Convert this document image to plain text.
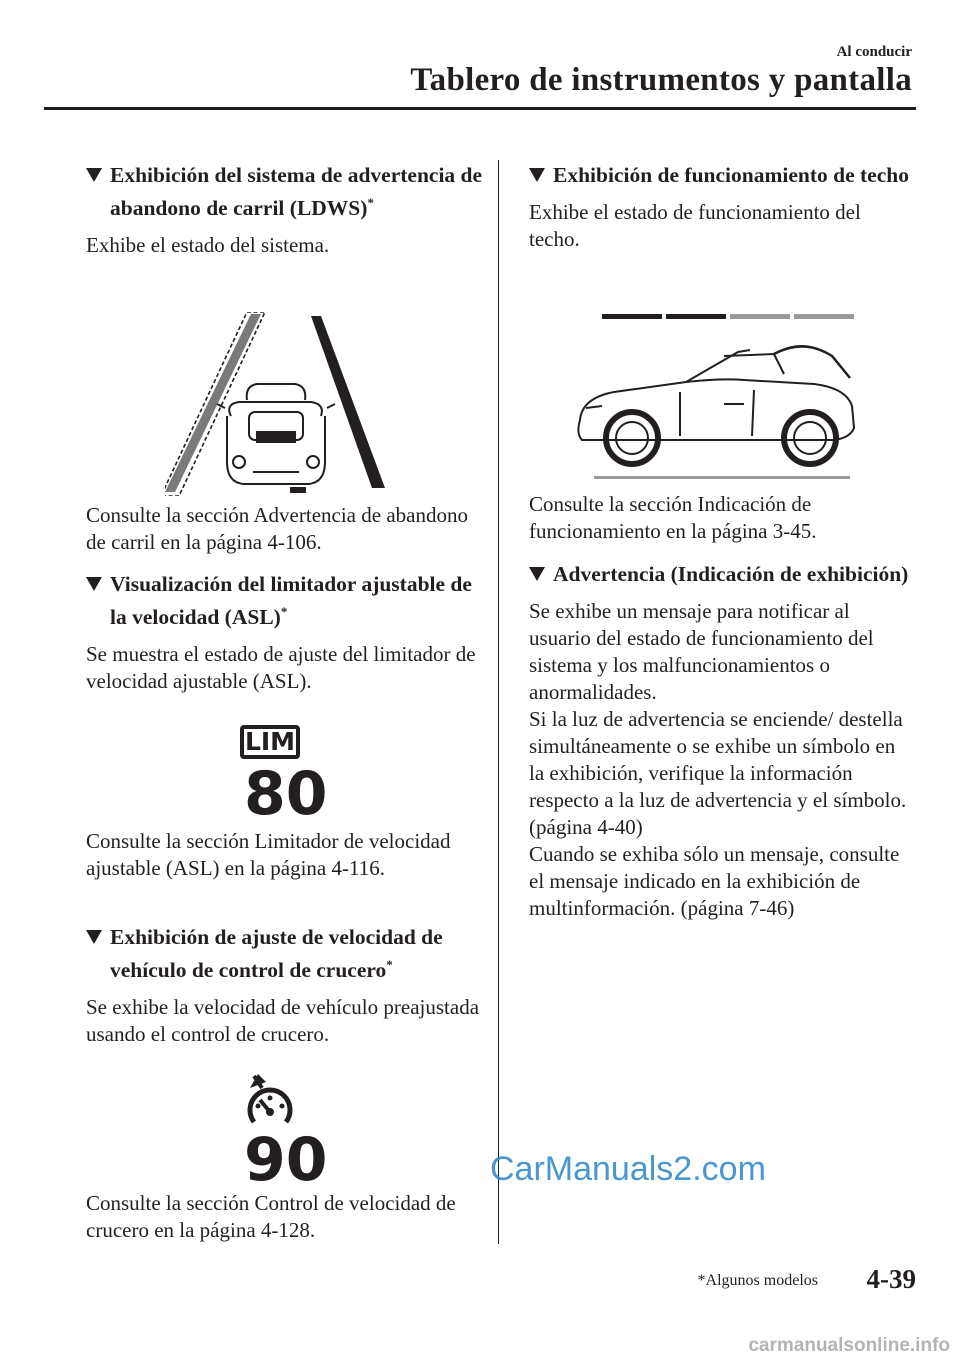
Al conducir
Tablero de instrumentos y pantalla
Exhibición del sistema de advertencia de abandono de carril (LDWS)*

Exhibe el estado del sistema.

Consulte la sección Advertencia de abandono de carril en la página 4-106.

Visualización del limitador ajustable de la velocidad (ASL)*

Se muestra el estado de ajuste del limitador de velocidad ajustable (ASL).

LIM
80

Consulte la sección Limitador de velocidad ajustable (ASL) en la página 4-116.

Exhibición de ajuste de velocidad de vehículo de control de crucero*

Se exhibe la velocidad de vehículo preajustada usando el control de crucero.

90

Consulte la sección Control de velocidad de crucero en la página 4-128.

Exhibición de funcionamiento de techo

Exhibe el estado de funcionamiento del techo.

Consulte la sección Indicación de funcionamiento en la página 3-45.

Advertencia (Indicación de exhibición)

Se exhibe un mensaje para notificar al usuario del estado de funcionamiento del sistema y los malfuncionamientos o anormalidades.

Si la luz de advertencia se enciende/ destella simultáneamente o se exhibe un símbolo en la exhibición, verifique la información respecto a la luz de advertencia y el símbolo. (página 4-40)

Cuando se exhiba sólo un mensaje, consulte el mensaje indicado en la exhibición de multinformación. (página 7-46)

*Algunos modelos 4-39
CarManuals2.com
carmanualsonline.info
